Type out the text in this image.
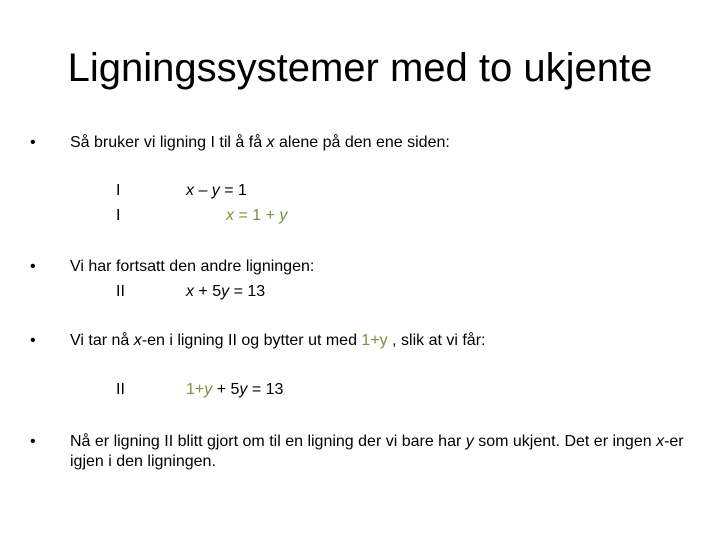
Ligningssystemer med to ukjente
• Så bruker vi ligning I til å få x alene på den ene siden:
I	x – y = 1
I	x = 1 + y
• Vi har fortsatt den andre ligningen:
II	x + 5y = 13
• Vi tar nå x-en i ligning II og bytter ut med 1+y , slik at vi får:
II	1+y + 5y = 13
• Nå er ligning II blitt gjort om til en ligning der vi bare har y som ukjent. Det er ingen x-er igjen i den ligningen.
